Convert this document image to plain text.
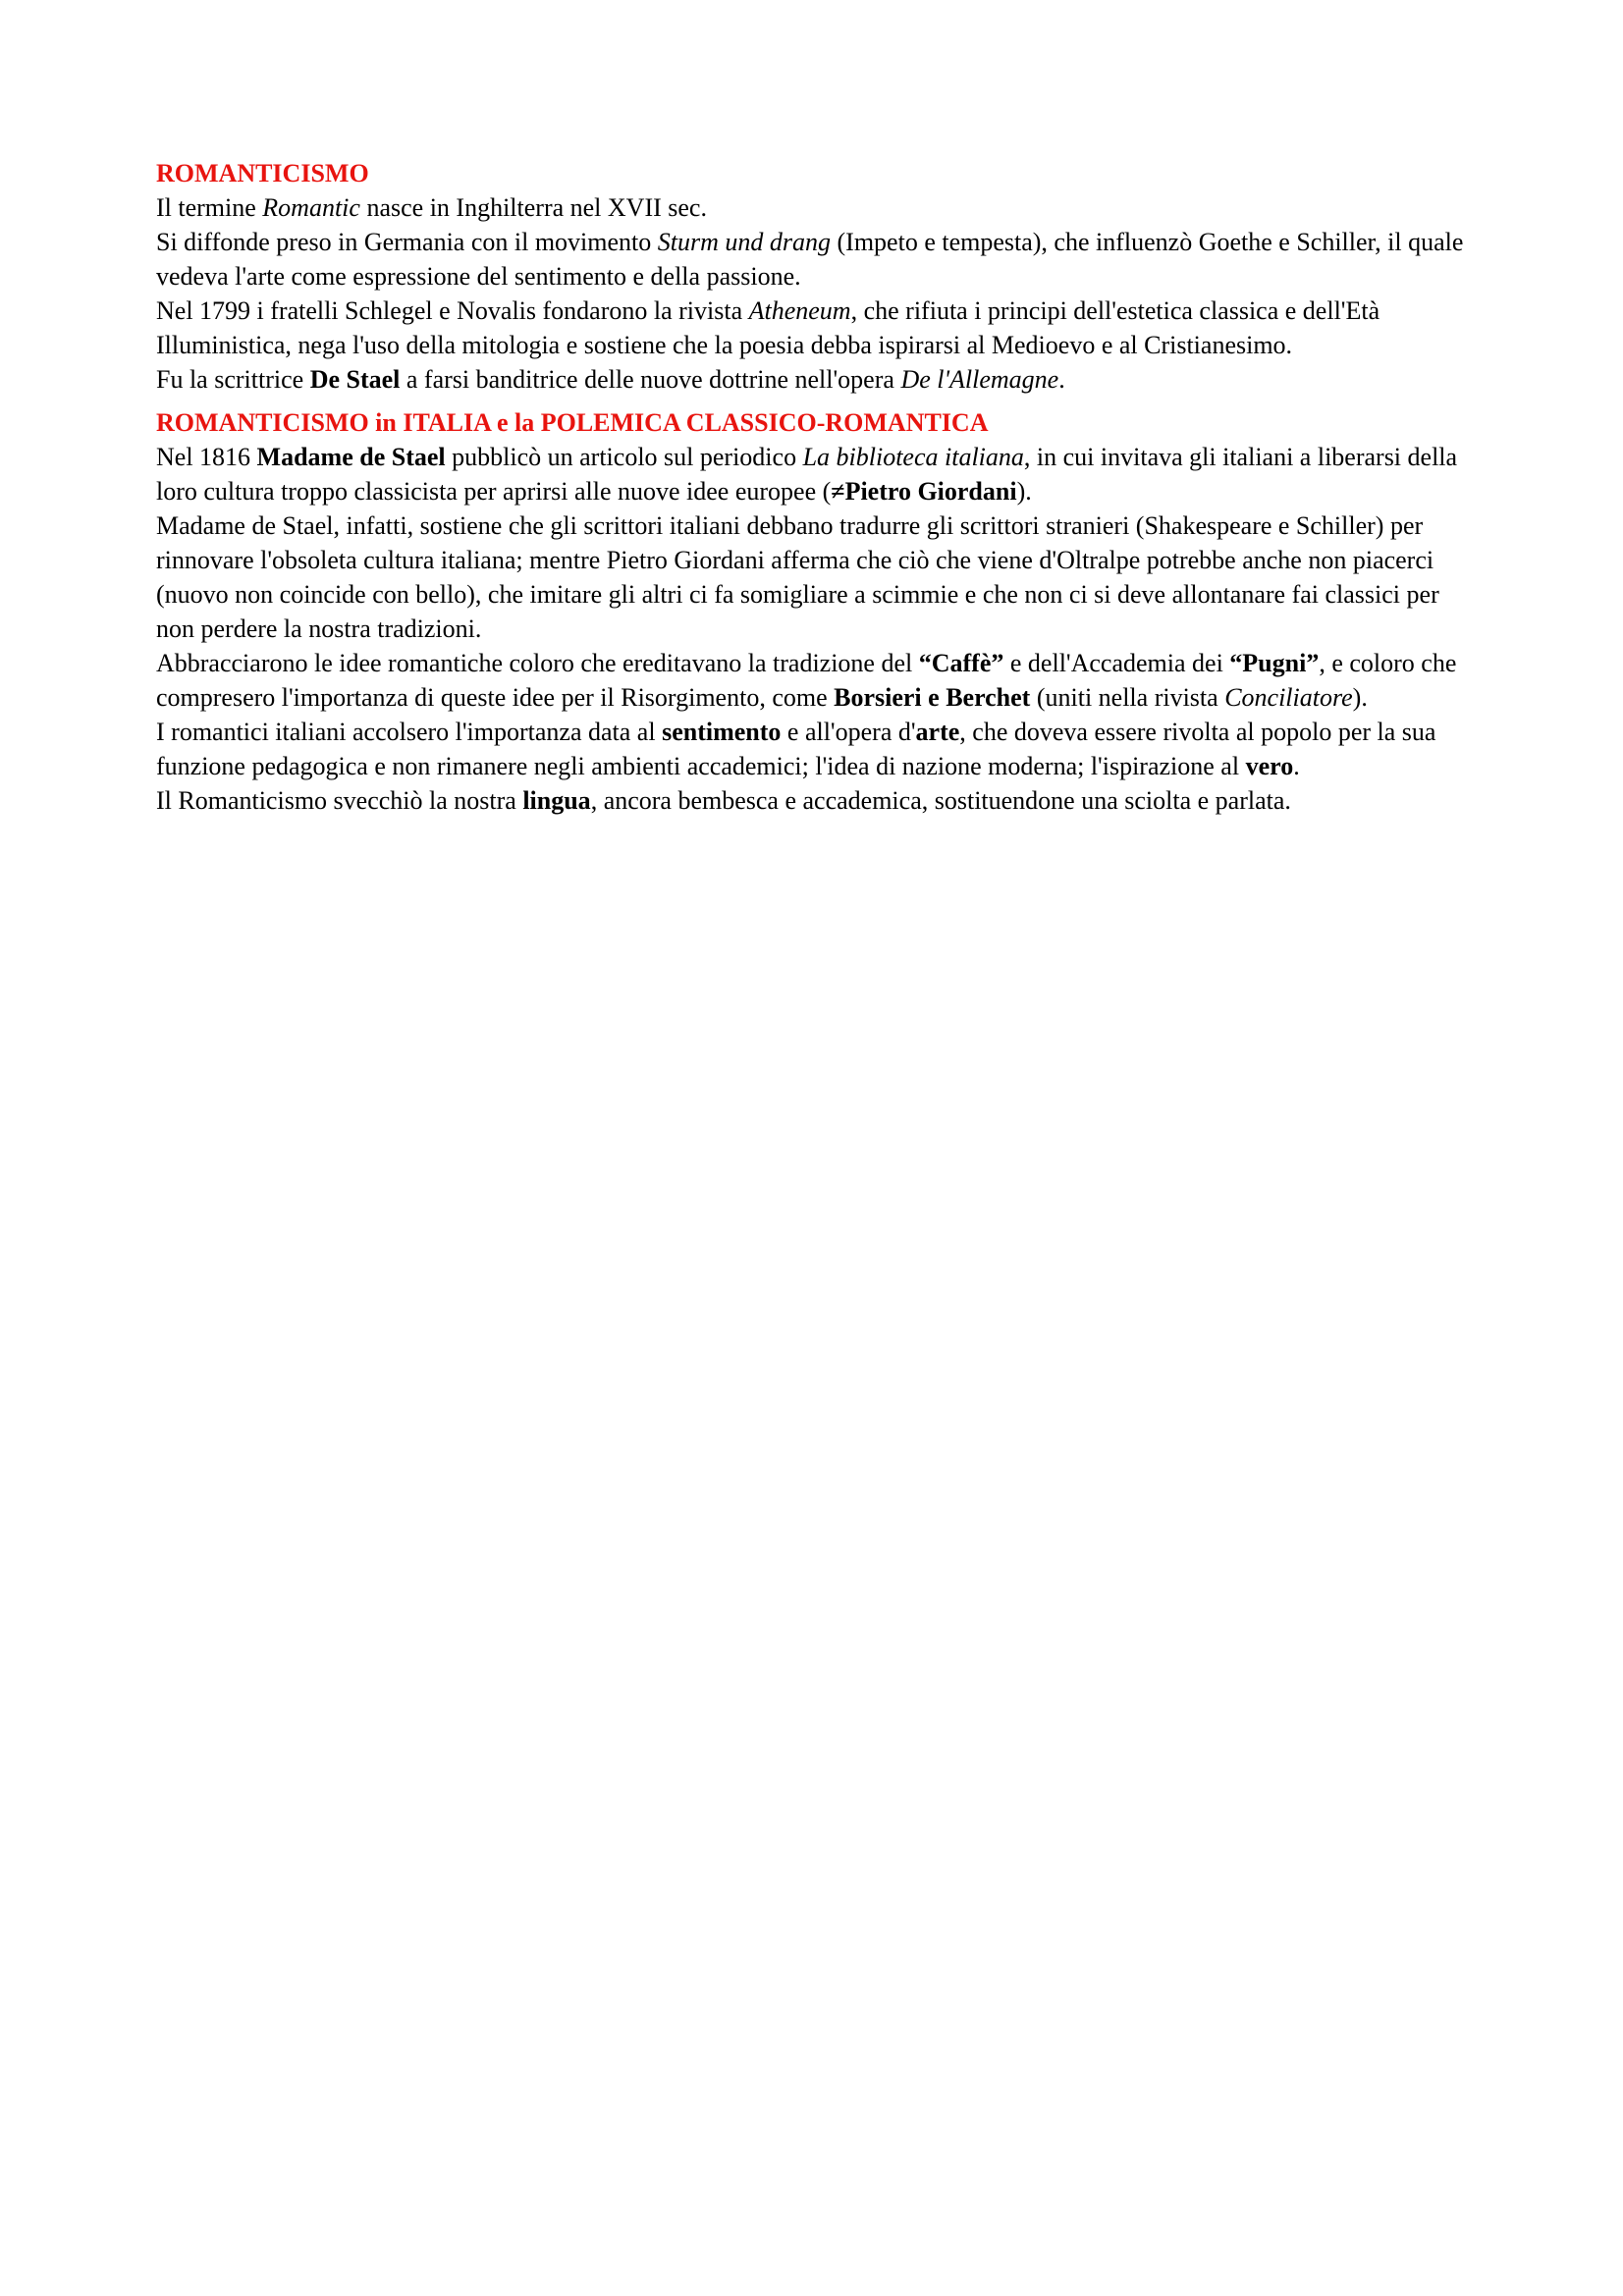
ROMANTICISMO

Il termine Romantic nasce in Inghilterra nel XVII sec.

Si diffonde preso in Germania con il movimento Sturm und drang (Impeto e tempesta), che influenzò Goethe e Schiller, il quale vedeva l'arte come espressione del sentimento e della passione.

Nel 1799 i fratelli Schlegel e Novalis fondarono la rivista Atheneum, che rifiuta i principi dell'estetica classica e dell'Età Illuministica, nega l'uso della mitologia e sostiene che la poesia debba ispirarsi al Medioevo e al Cristianesimo.

Fu la scrittrice De Stael a farsi banditrice delle nuove dottrine nell'opera De l'Allemagne.

ROMANTICISMO in ITALIA e la POLEMICA CLASSICO-ROMANTICA

Nel 1816 Madame de Stael pubblicò un articolo sul periodico La biblioteca italiana, in cui invitava gli italiani a liberarsi della loro cultura troppo classicista per aprirsi alle nuove idee europee (≠Pietro Giordani).

Madame de Stael, infatti, sostiene che gli scrittori italiani debbano tradurre gli scrittori stranieri (Shakespeare e Schiller) per rinnovare l'obsoleta cultura italiana; mentre Pietro Giordani afferma che ciò che viene d'Oltralpe potrebbe anche non piacerci (nuovo non coincide con bello), che imitare gli altri ci fa somigliare a scimmie e che non ci si deve allontanare fai classici per non perdere la nostra tradizioni.

Abbracciarono le idee romantiche coloro che ereditavano la tradizione del “Caffè” e dell'Accademia dei “Pugni”, e coloro che compresero l'importanza di queste idee per il Risorgimento, come Borsieri e Berchet (uniti nella rivista Conciliatore).

I romantici italiani accolsero l'importanza data al sentimento e all'opera d'arte, che doveva essere rivolta al popolo per la sua funzione pedagogica e non rimanere negli ambienti accademici; l'idea di nazione moderna; l'ispirazione al vero.

Il Romanticismo svecchiò la nostra lingua, ancora bembesca e accademica, sostituendone una sciolta e parlata.
